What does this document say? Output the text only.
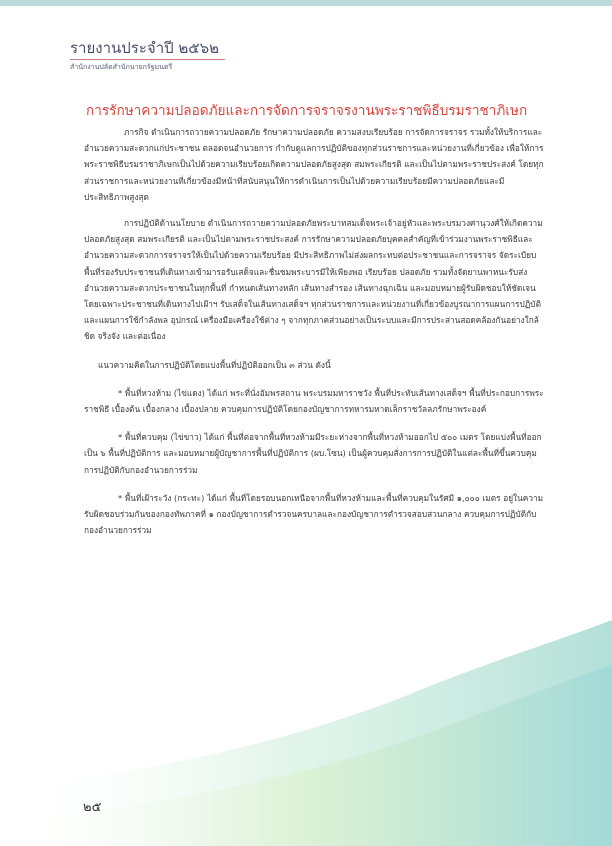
รายงานประจำปี ๒๕๖๒
สำนักงานปลัดสำนักนายกรัฐมนตรี
การรักษาความปลอดภัยและการจัดการจราจรงานพระราชพิธีบรมราชาภิเษก

ภารกิจ ดำเนินการถวายความปลอดภัย รักษาความปลอดภัย ความสงบเรียบร้อย การจัดการจราจร รวมทั้งให้บริการและอำนวยความสะดวกแก่ประชาชน ตลอดจนอำนวยการ กำกับดูแลการปฏิบัติของทุกส่วนราชการและหน่วยงานที่เกี่ยวข้อง เพื่อให้การพระราชพิธีบรมราชาภิเษกเป็นไปด้วยความเรียบร้อยเกิดความปลอดภัยสูงสุด สมพระเกียรติ และเป็นไปตามพระราชประสงค์ โดยทุกส่วนราชการและหน่วยงานที่เกี่ยวข้องมีหน้าที่สนับสนุนให้การดำเนินการเป็นไปด้วยความเรียบร้อยมีความปลอดภัยและมีประสิทธิภาพสูงสุด

การปฏิบัติด้านนโยบาย ดำเนินการถวายความปลอดภัยพระบาทสมเด็จพระเจ้าอยู่หัวและพระบรมวงศานุวงศ์ให้เกิดความปลอดภัยสูงสุด สมพระเกียรติ และเป็นไปตามพระราชประสงค์ การรักษาความปลอดภัยบุคคลสำคัญที่เข้าร่วมงานพระราชพิธีและอำนวยความสะดวกการจราจรให้เป็นไปด้วยความเรียบร้อย มีประสิทธิภาพไม่ส่งผลกระทบต่อประชาชนและการจราจร จัดระเบียบพื้นที่รองรับประชาชนที่เดินทางเข้ามารอรับเสด็จและชื่นชมพระบารมีให้เพียงพอ เรียบร้อย ปลอดภัย รวมทั้งจัดยานพาหนะรับส่ง อำนวยความสะดวกประชาชนในทุกพื้นที่ กำหนดเส้นทางหลัก เส้นทางสำรอง เส้นทางฉุกเฉิน และมอบหมายผู้รับผิดชอบให้ชัดเจน โดยเฉพาะประชาชนที่เดินทางไปเฝ้าฯ รับเสด็จในเส้นทางเสด็จฯ ทุกส่วนราชการและหน่วยงานที่เกี่ยวข้องบูรณาการแผนการปฏิบัติและแผนการใช้กำลังพล อุปกรณ์ เครื่องมือเครื่องใช้ต่าง ๆ จากทุกภาคส่วนอย่างเป็นระบบและมีการประสานสอดคล้องกันอย่างใกล้ชิด จริงจัง และต่อเนื่อง

แนวความคิดในการปฏิบัติโดยแบ่งพื้นที่ปฏิบัติออกเป็น ๓ ส่วน ดังนี้

* พื้นที่หวงห้าม (ไข่แดง) ได้แก่ พระที่นั่งอัมพรสถาน พระบรมมหาราชวัง พื้นที่ประทับเส้นทางเสด็จฯ พื้นที่ประกอบการพระราชพิธี เบื้องต้น เบื้องกลาง เบื้องปลาย ควบคุมการปฏิบัติโดยกองบัญชาการทหารมหาดเล็กราชวัลลภรักษาพระองค์

* พื้นที่ควบคุม (ไข่ขาว) ได้แก่ พื้นที่ต่อจากพื้นที่หวงห้ามมีระยะห่างจากพื้นที่หวงห้ามออกไป ๕๐๐ เมตร โดยแบ่งพื้นที่ออกเป็น ๖ พื้นที่ปฏิบัติการ และมอบหมายผู้บัญชาการพื้นที่ปฏิบัติการ (ผบ.โซน) เป็นผู้ควบคุมสั่งการการปฏิบัติในแต่ละพื้นที่ขึ้นควบคุมการปฏิบัติกับกองอำนวยการร่วม

* พื้นที่เฝ้าระวัง (กระทะ) ได้แก่ พื้นที่โดยรอบนอกเหนือจากพื้นที่หวงห้ามและพื้นที่ควบคุมในรัศมี ๑,๐๐๐ เมตร อยู่ในความรับผิดชอบร่วมกันของกองทัพภาคที่ ๑ กองบัญชาการตำรวจนครบาลและกองบัญชาการตำรวจสอบสวนกลาง ควบคุมการปฏิบัติกับกองอำนวยการร่วม

๒๕
